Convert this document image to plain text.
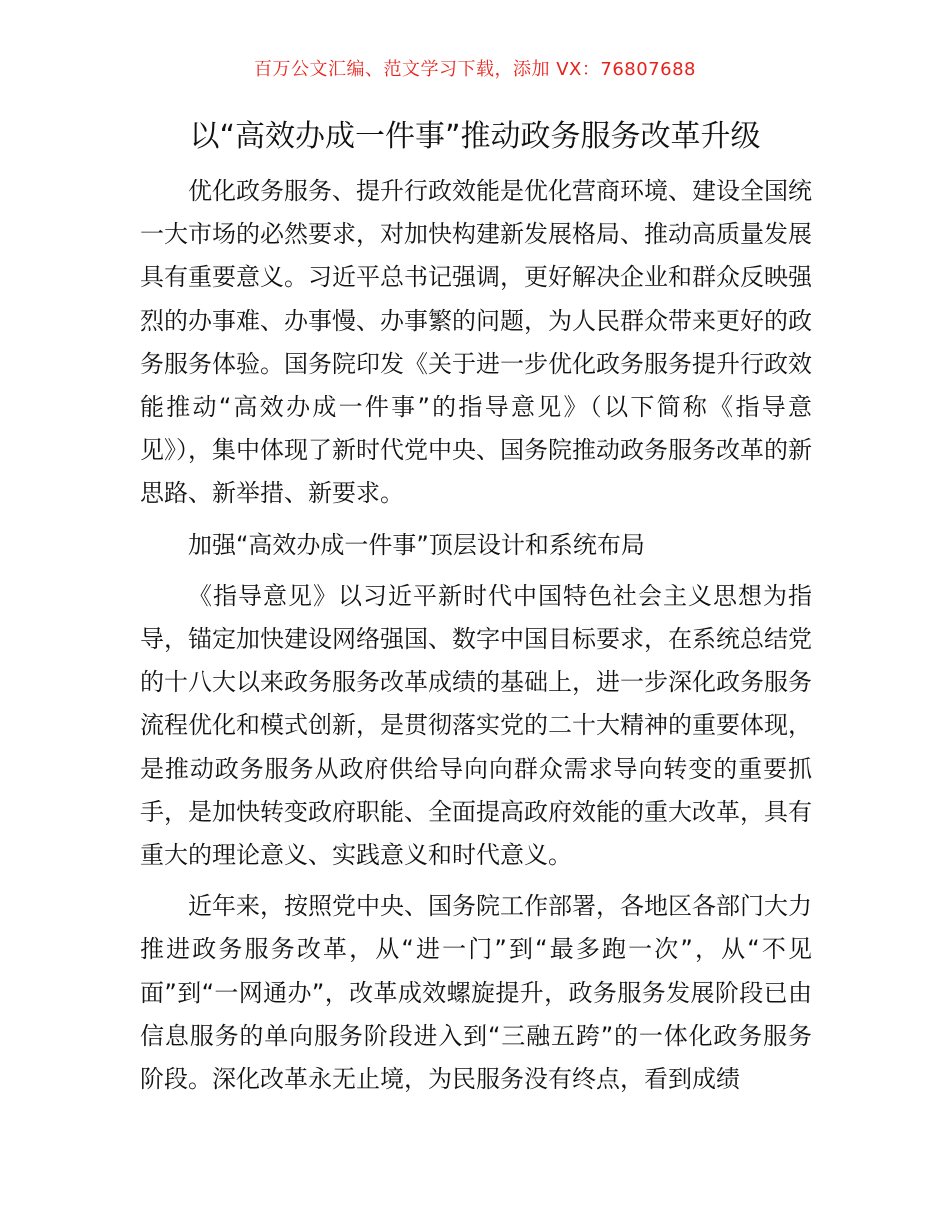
百万公文汇编、范文学习下载，添加 VX：76807688
以“高效办成一件事”推动政务服务改革升级

优化政务服务、提升行政效能是优化营商环境、建设全国统一大市场的必然要求，对加快构建新发展格局、推动高质量发展具有重要意义。习近平总书记强调，更好解决企业和群众反映强烈的办事难、办事慢、办事繁的问题，为人民群众带来更好的政务服务体验。国务院印发《关于进一步优化政务服务提升行政效能推动“高效办成一件事”的指导意见》（以下简称《指导意见》），集中体现了新时代党中央、国务院推动政务服务改革的新思路、新举措、新要求。

加强“高效办成一件事”顶层设计和系统布局

《指导意见》以习近平新时代中国特色社会主义思想为指导，锚定加快建设网络强国、数字中国目标要求，在系统总结党的十八大以来政务服务改革成绩的基础上，进一步深化政务服务流程优化和模式创新，是贯彻落实党的二十大精神的重要体现，是推动政务服务从政府供给导向向群众需求导向转变的重要抓手，是加快转变政府职能、全面提高政府效能的重大改革，具有重大的理论意义、实践意义和时代意义。

近年来，按照党中央、国务院工作部署，各地区各部门大力推进政务服务改革，从“进一门”到“最多跑一次”，从“不见面”到“一网通办”，改革成效螺旋提升，政务服务发展阶段已由信息服务的单向服务阶段进入到“三融五跨”的一体化政务服务阶段。深化改革永无止境，为民服务没有终点，看到成绩
